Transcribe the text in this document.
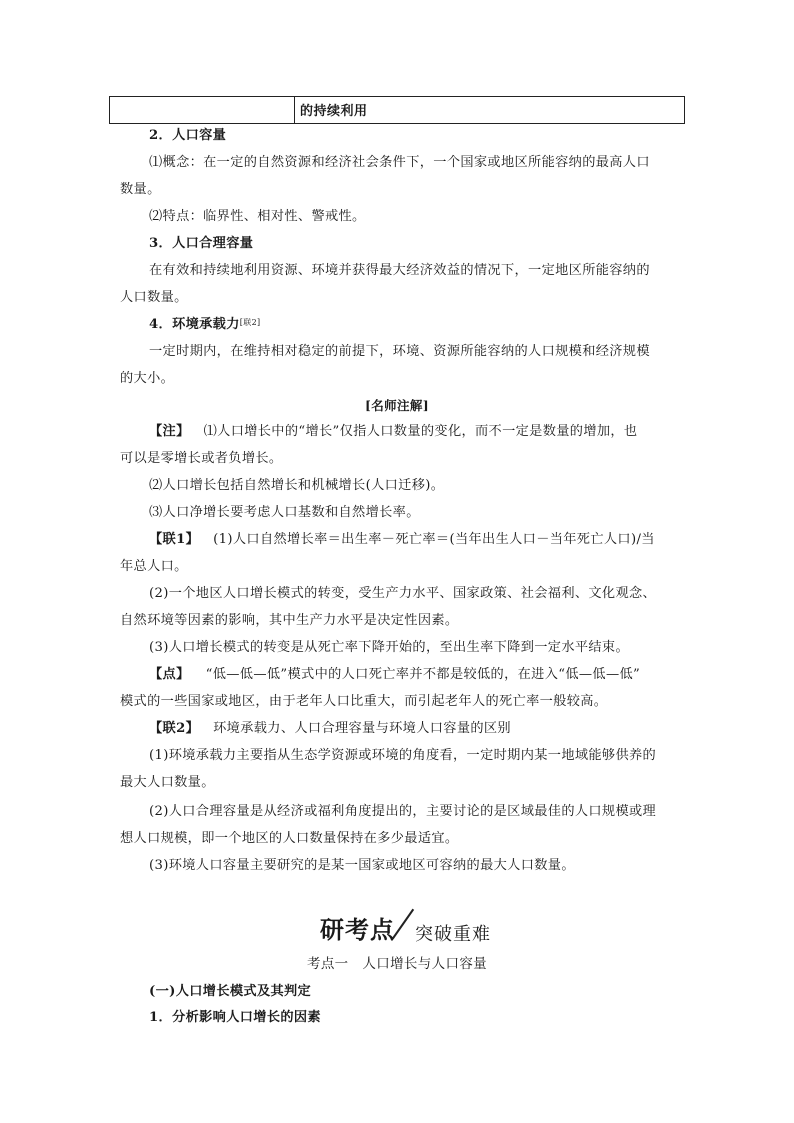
的持续利用
2．人口容量
⑴概念：在一定的自然资源和经济社会条件下，一个国家或地区所能容纳的最高人口
数量。
⑵特点：临界性、相对性、警戒性。
3．人口合理容量
在有效和持续地利用资源、环境并获得最大经济效益的情况下，一定地区所能容纳的
人口数量。
4．环境承载力[联2]
一定时期内，在维持相对稳定的前提下，环境、资源所能容纳的人口规模和经济规模
的大小。
[名师注解]
【注】 ⑴人口增长中的“增长”仅指人口数量的变化，而不一定是数量的增加，也
可以是零增长或者负增长。
⑵人口增长包括自然增长和机械增长(人口迁移)。
⑶人口净增长要考虑人口基数和自然增长率。
【联1】 (1)人口自然增长率＝出生率－死亡率＝(当年出生人口－当年死亡人口)/当
年总人口。
(2)一个地区人口增长模式的转变，受生产力水平、国家政策、社会福利、文化观念、
自然环境等因素的影响，其中生产力水平是决定性因素。
(3)人口增长模式的转变是从死亡率下降开始的，至出生率下降到一定水平结束。
【点】 “低—低—低”模式中的人口死亡率并不都是较低的，在进入“低—低—低”
模式的一些国家或地区，由于老年人口比重大，而引起老年人的死亡率一般较高。
【联2】 环境承载力、人口合理容量与环境人口容量的区别
(1)环境承载力主要指从生态学资源或环境的角度看，一定时期内某一地域能够供养的
最大人口数量。
(2)人口合理容量是从经济或福利角度提出的，主要讨论的是区域最佳的人口规模或理
想人口规模，即一个地区的人口数量保持在多少最适宜。
(3)环境人口容量主要研究的是某一国家或地区可容纳的最大人口数量。
研考点 突破重难
考点一　人口增长与人口容量
(一)人口增长模式及其判定
1．分析影响人口增长的因素
